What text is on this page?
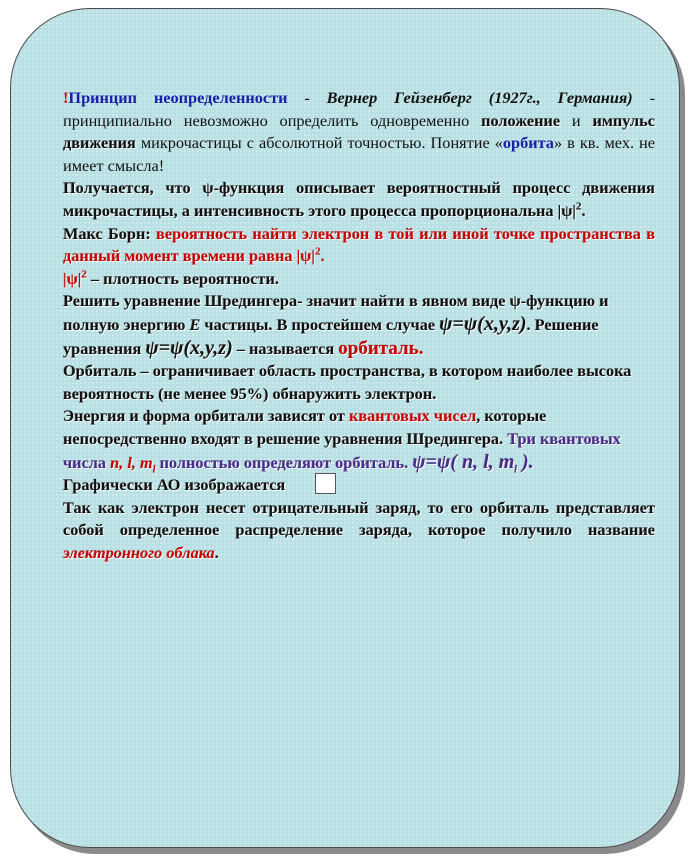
!Принцип неопределенности - Вернер Гейзенберг (1927г., Германия) - принципиально невозможно определить одновременно положение и импульс движения микрочастицы с абсолютной точностью. Понятие «орбита» в кв. мех. не имеет смысла!

Получается, что ψ-функция описывает вероятностный процесс движения микрочастицы, а интенсивность этого процесса пропорциональна $|\psi|^2$.

Макс Борн: вероятность найти электрон в той или иной точке пространства в данный момент времени равна $|\psi|^2$.

$|\psi|^2$ – плотность вероятности.

Решить уравнение Шредингера- значит найти в явном виде ψ-функцию и полную энергию E частицы. В простейшем случае ψ=ψ(x,y,z). Решение уравнения ψ=ψ(x,y,z) – называется орбиталь.

Орбиталь – ограничивает область пространства, в котором наиболее высока вероятность (не менее 95%) обнаружить электрон.

Энергия и форма орбитали зависят от квантовых чисел, которые непосредственно входят в решение уравнения Шредингера. Три квантовых числа n, l, $m_l$ полностью определяют орбиталь. ψ=ψ( n, l, $m_l$ ).

Графически АО изображается

Так как электрон несет отрицательный заряд, то его орбиталь представляет собой определенное распределение заряда, которое получило название электронного облака.
